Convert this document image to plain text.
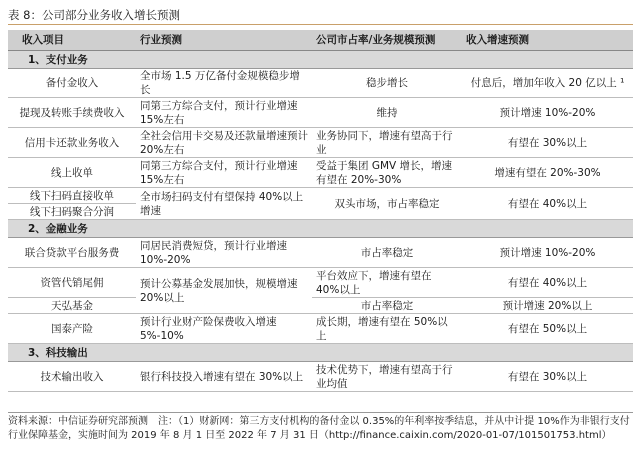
表 8：公司部分业务收入增长预测
收入项目	行业预测	公司市占率/业务规模预测	收入增速预测
1、支付业务			
备付金收入	全市场 1.5 万亿备付金规模稳步增长	稳步增长	付息后，增加年收入 20 亿以上 ¹
提现及转账手续费收入	同第三方综合支付，预计行业增速 15%左右	维持	预计增速 10%-20%
信用卡还款业务收入	全社会信用卡交易及还款量增速预计 20%左右	业务协同下，增速有望高于行业	有望在 30%以上
线上收单	同第三方综合支付，预计行业增速 15%左右	受益于集团 GMV 增长，增速有望在 20%-30%	增速有望在 20%-30%
线下扫码直接收单	全市场扫码支付有望保持 40%以上增速	双头市场，市占率稳定	有望在 40%以上
线下扫码聚合分润			
2、金融业务			
联合贷款平台服务费	同居民消费短贷，预计行业增速 10%-20%	市占率稳定	预计增速 10%-20%
资管代销尾佣	预计公募基金发展加快，规模增速 20%以上	平台效应下，增速有望在 40%以上	有望在 40%以上
天弘基金		市占率稳定	预计增速 20%以上
国泰产险	预计行业财产险保费收入增速 5%-10%	成长期，增速有望在 50%以上	有望在 50%以上
3、科技输出			
技术输出收入	银行科技投入增速有望在 30%以上	技术优势下，增速有望高于行业均值	有望在 30%以上
资料来源：中信证券研究部预测　注：（1）财新网：第三方支付机构的备付金以 0.35%的年利率按季结息，并从中计提 10%作为非银行支付行业保障基金，实施时间为 2019 年 8 月 1 日至 2022 年 7 月 31 日（http://finance.caixin.com/2020-01-07/101501753.html）
